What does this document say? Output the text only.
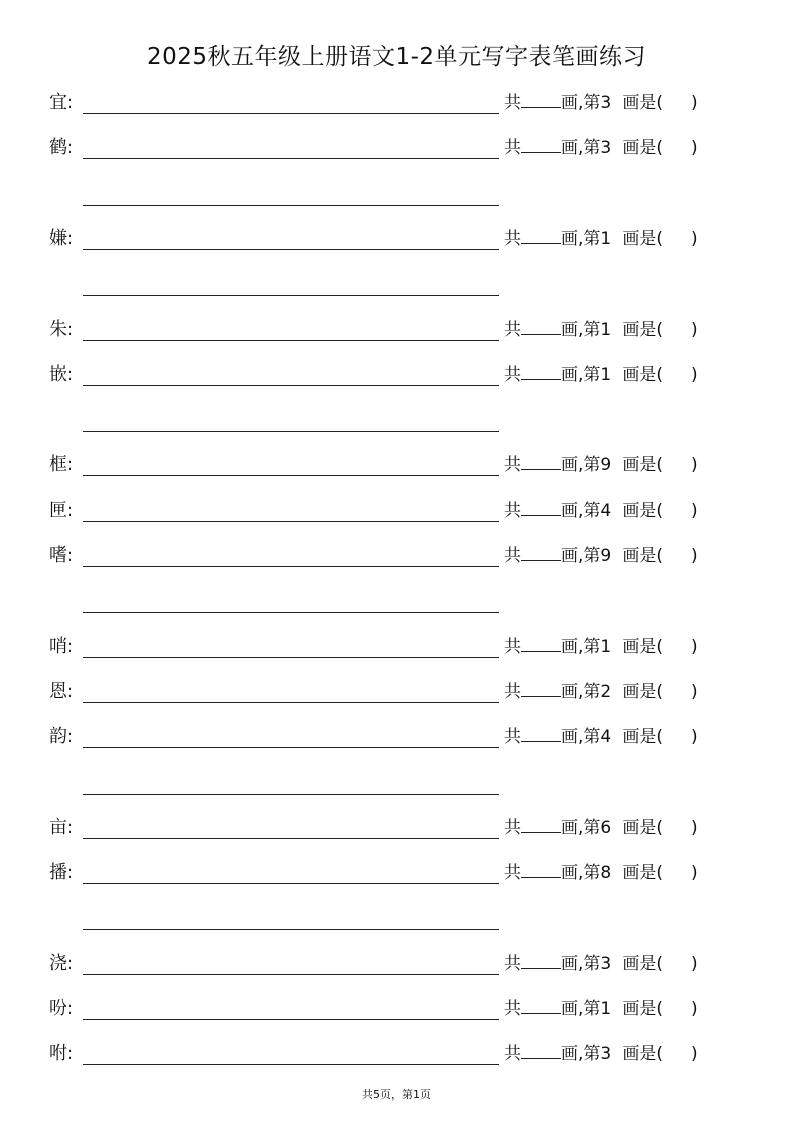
2025秋五年级上册语文1-2单元写字表笔画练习
宜:	共 画,第3 画是( )
鹤:	共 画,第3 画是( )
嫌:	共 画,第1 画是( )
朱:	共 画,第1 画是( )
嵌:	共 画,第1 画是( )
框:	共 画,第9 画是( )
匣:	共 画,第4 画是( )
嗜:	共 画,第9 画是( )
哨:	共 画,第1 画是( )
恩:	共 画,第2 画是( )
韵:	共 画,第4 画是( )
亩:	共 画,第6 画是( )
播:	共 画,第8 画是( )
浇:	共 画,第3 画是( )
吩:	共 画,第1 画是( )
咐:	共 画,第3 画是( )
共5页，第1页
